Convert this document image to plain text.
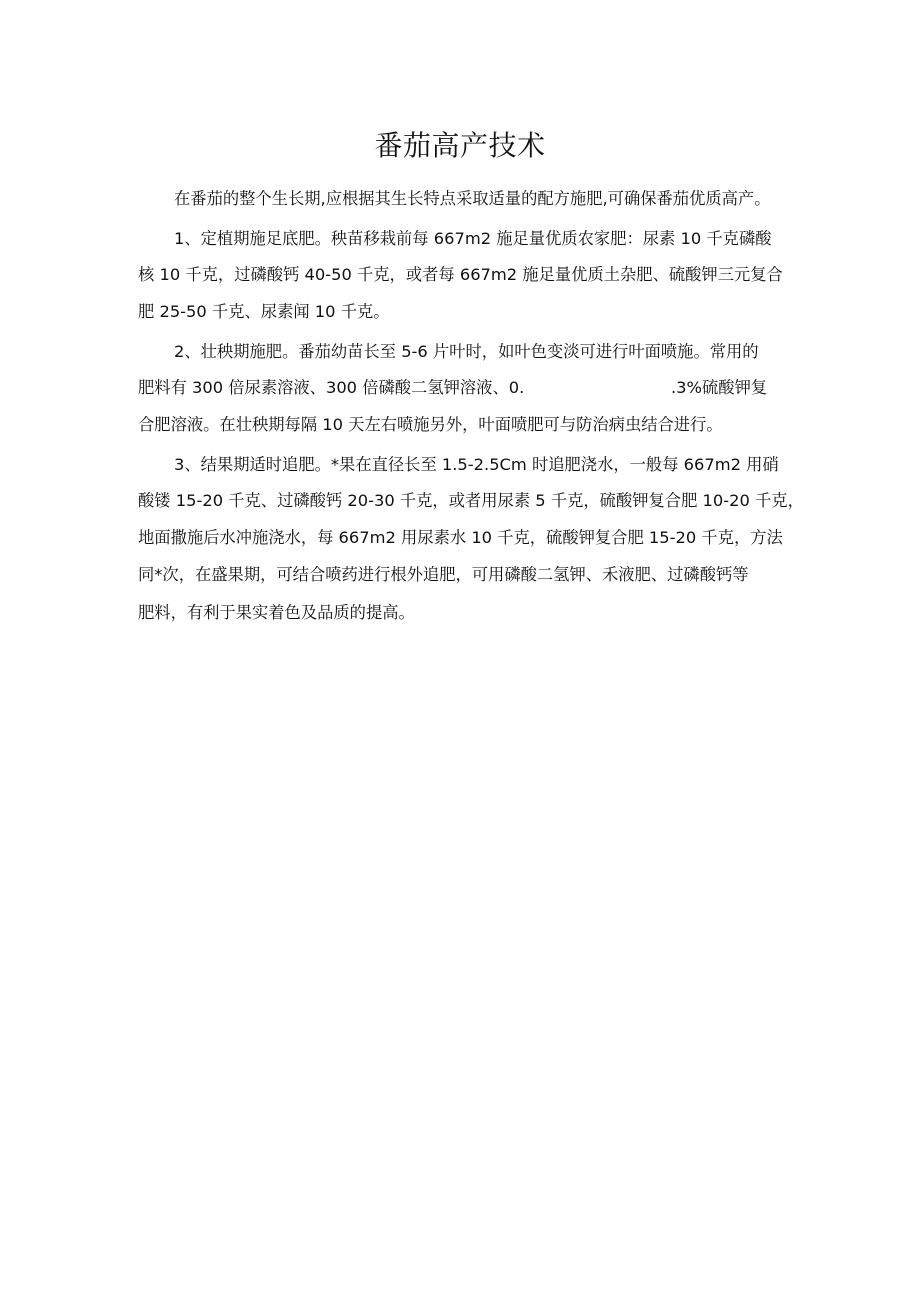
番茄高产技术

在番茄的整个生长期,应根据其生长特点采取适量的配方施肥,可确保番茄优质高产。

1、定植期施足底肥。秧苗移栽前每 667m2 施足量优质农家肥：尿素 10 千克磷酸

核 10 千克，过磷酸钙 40-50 千克，或者每 667m2 施足量优质土杂肥、硫酸钾三元复合

肥 25-50 千克、尿素闻 10 千克。

2、壮秧期施肥。番茄幼苗长至 5-6 片叶时，如叶色变淡可进行叶面喷施。常用的

肥料有 300 倍尿素溶液、300 倍磷酸二氢钾溶液、0.	.3%硫酸钾复

合肥溶液。在壮秧期每隔 10 天左右喷施另外，叶面喷肥可与防治病虫结合进行。

3、结果期适时追肥。*果在直径长至 1.5-2.5Cm 时追肥浇水，一般每 667m2 用硝

酸镂 15-20 千克、过磷酸钙 20-30 千克，或者用尿素 5 千克，硫酸钾复合肥 10-20 千克，

地面撒施后水冲施浇水，每 667m2 用尿素水 10 千克，硫酸钾复合肥 15-20 千克，方法

同*次，在盛果期，可结合喷药进行根外追肥，可用磷酸二氢钾、禾液肥、过磷酸钙等

肥料，有利于果实着色及品质的提高。
